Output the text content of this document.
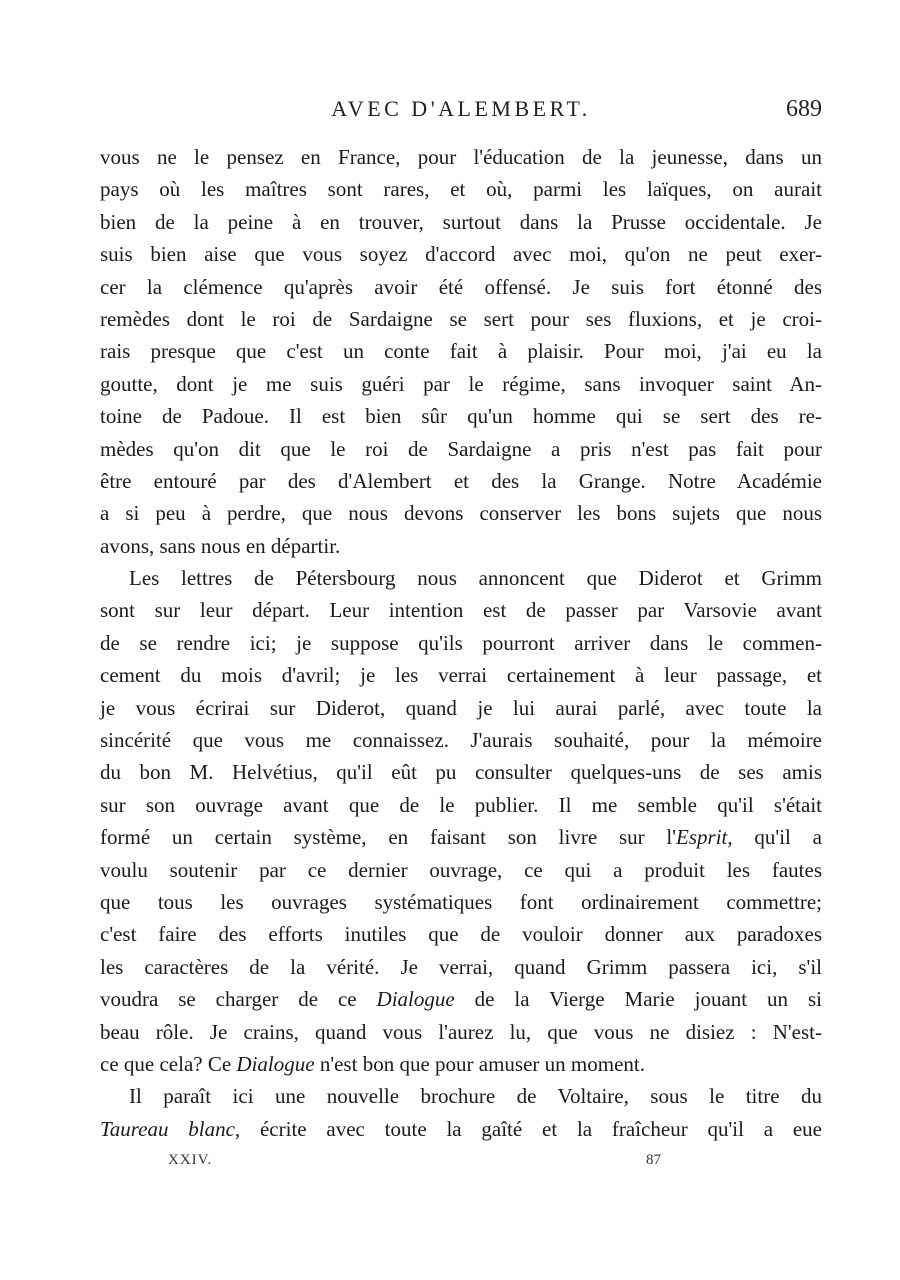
AVEC D'ALEMBERT.	689
vous ne le pensez en France, pour l'éducation de la jeunesse, dans un
pays où les maîtres sont rares, et où, parmi les laïques, on aurait
bien de la peine à en trouver, surtout dans la Prusse occidentale. Je
suis bien aise que vous soyez d'accord avec moi, qu'on ne peut exer-
cer la clémence qu'après avoir été offensé. Je suis fort étonné des
remèdes dont le roi de Sardaigne se sert pour ses fluxions, et je croi-
rais presque que c'est un conte fait à plaisir. Pour moi, j'ai eu la
goutte, dont je me suis guéri par le régime, sans invoquer saint An-
toine de Padoue. Il est bien sûr qu'un homme qui se sert des re-
mèdes qu'on dit que le roi de Sardaigne a pris n'est pas fait pour
être entouré par des d'Alembert et des la Grange. Notre Académie
a si peu à perdre, que nous devons conserver les bons sujets que nous
avons, sans nous en départir.
Les lettres de Pétersbourg nous annoncent que Diderot et Grimm
sont sur leur départ. Leur intention est de passer par Varsovie avant
de se rendre ici; je suppose qu'ils pourront arriver dans le commen-
cement du mois d'avril; je les verrai certainement à leur passage, et
je vous écrirai sur Diderot, quand je lui aurai parlé, avec toute la
sincérité que vous me connaissez. J'aurais souhaité, pour la mémoire
du bon M. Helvétius, qu'il eût pu consulter quelques-uns de ses amis
sur son ouvrage avant que de le publier. Il me semble qu'il s'était
formé un certain système, en faisant son livre sur l'Esprit, qu'il a
voulu soutenir par ce dernier ouvrage, ce qui a produit les fautes
que tous les ouvrages systématiques font ordinairement commettre;
c'est faire des efforts inutiles que de vouloir donner aux paradoxes
les caractères de la vérité. Je verrai, quand Grimm passera ici, s'il
voudra se charger de ce Dialogue de la Vierge Marie jouant un si
beau rôle. Je crains, quand vous l'aurez lu, que vous ne disiez : N'est-
ce que cela? Ce Dialogue n'est bon que pour amuser un moment.
Il paraît ici une nouvelle brochure de Voltaire, sous le titre du
Taureau blanc, écrite avec toute la gaîté et la fraîcheur qu'il a eue
XXIV.	87
